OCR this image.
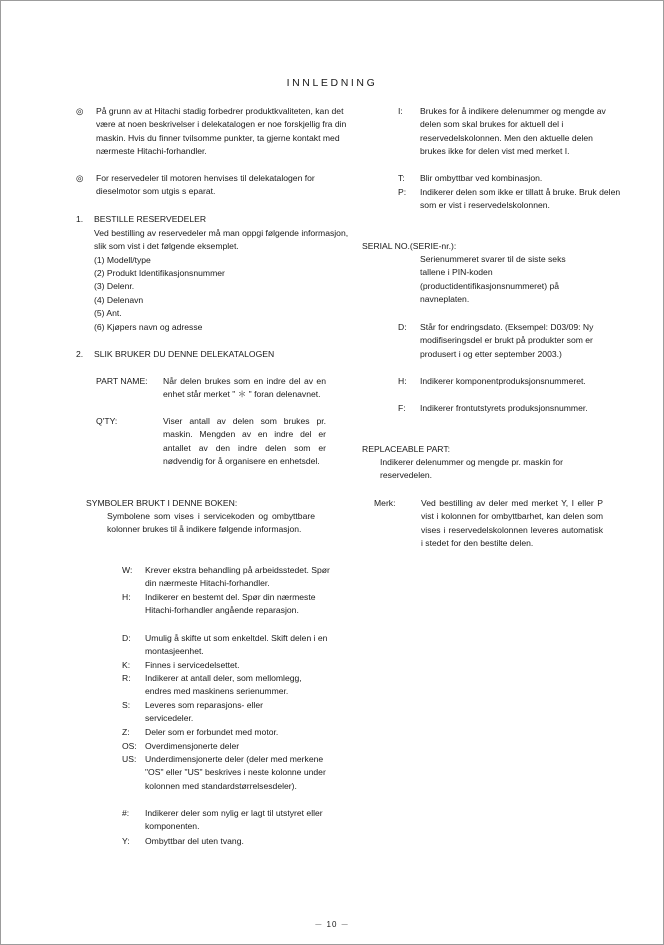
INNLEDNING
◎ På grunn av at Hitachi stadig forbedrer produktkvaliteten, kan det være at noen beskrivelser i delekatalogen er noe forskjellig fra din maskin. Hvis du finner tvilsomme punkter, ta gjerne kontakt med nærmeste Hitachi-forhandler.
◎ For reservedeler til motoren henvises til delekatalogen for dieselmotor som utgis s eparat.
1. BESTILLE RESERVEDELER
Ved bestilling av reservedeler må man oppgi følgende informasjon, slik som vist i det følgende eksemplet.
(1) Modell/type
(2) Produkt Identifikasjonsnummer
(3) Delenr.
(4) Delenavn
(5) Ant.
(6) Kjøpers navn og adresse
2. SLIK BRUKER DU DENNE DELEKATALOGEN
PART NAME: Når delen brukes som en indre del av en enhet står merket " ＊ " foran delenavnet.
Q'TY:	Viser antall av delen som brukes pr. maskin. Mengden av en indre del er antallet av den indre delen som er nødvendig for å organisere en enhetsdel.
SYMBOLER BRUKT I DENNE BOKEN:
Symbolene som vises i servicekoden og ombyttbare kolonner brukes til å indikere følgende informasjon.
W: Krever ekstra behandling på arbeidsstedet. Spør din nærmeste Hitachi-forhandler.
H: Indikerer en bestemt del. Spør din nærmeste Hitachi-forhandler angående reparasjon.
D: Umulig å skifte ut som enkeltdel. Skift delen i en montasjeenhet.
K: Finnes i servicedelsettet.
R: Indikerer at antall deler, som mellomlegg, endres med maskinens serienummer.
S: Leveres som reparasjons- eller servicedeler.
Z: Deler som er forbundet med motor.
OS: Overdimensjonerte deler
US: Underdimensjonerte deler (deler med merkene "OS" eller "US" beskrives i neste kolonne under kolonnen med standardstørrelsesdeler).
#: Indikerer deler som nylig er lagt til utstyret eller komponenten.
Y: Ombyttbar del uten tvang.
I: Brukes for å indikere delenummer og mengde av delen som skal brukes for aktuell del i reservedelskolonnen. Men den aktuelle delen brukes ikke for delen vist med merket I.
T: Blir ombyttbar ved kombinasjon.
P: Indikerer delen som ikke er tillatt å bruke. Bruk delen som er vist i reservedelskolonnen.
SERIAL NO.(SERIE-nr.):
Serienummeret svarer til de siste seks tallene i PIN-koden (productidentifikasjonsnummeret) på navneplaten.
D: Står for endringsdato. (Eksempel: D03/09: Ny modifiseringsdel er brukt på produkter som er produsert i og etter september 2003.)
H: Indikerer komponentproduksjonsnummeret.
F: Indikerer frontutstyrets produksjonsnummer.
REPLACEABLE PART:
Indikerer delenummer og mengde pr. maskin for reservedelen.
Merk:	Ved bestilling av deler med merket Y, I eller P vist i kolonnen for ombyttbarhet, kan delen som vises i reservedelskolonnen leveres automatisk i stedet for den bestilte delen.
－ 10 －
